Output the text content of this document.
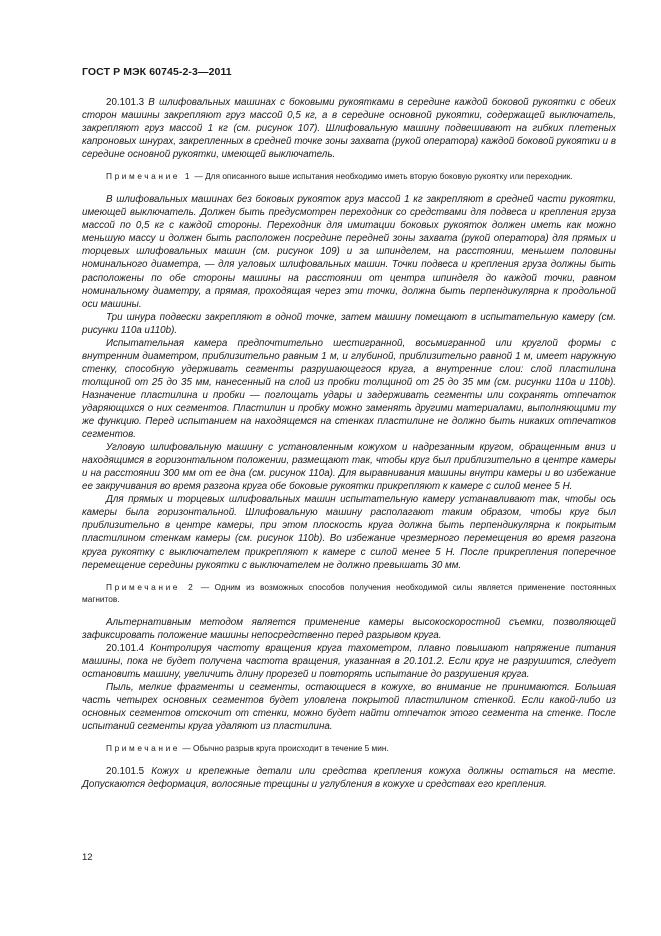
ГОСТ Р МЭК 60745-2-3—2011

20.101.3 В шлифовальных машинах с боковыми рукоятками в середине каждой боковой рукоятки с обеих сторон машины закрепляют груз массой 0,5 кг, а в середине основной рукоятки, содержащей выключатель, закрепляют груз массой 1 кг (см. рисунок 107). Шлифовальную машину подвешивают на гибких плетеных капроновых шнурах, закрепленных в средней точке зоны захвата (рукой оператора) каждой боковой рукоятки и в середине основной рукоятки, имеющей выключатель.

Примечание 1 — Для описанного выше испытания необходимо иметь вторую боковую рукоятку или переходник.

В шлифовальных машинах без боковых рукояток груз массой 1 кг закрепляют в средней части рукоятки, имеющей выключатель. Должен быть предусмотрен переходник со средствами для подвеса и крепления груза массой по 0,5 кг с каждой стороны. Переходник для имитации боковых рукояток должен иметь как можно меньшую массу и должен быть расположен посредине передней зоны захвата (рукой оператора) для прямых и торцевых шлифовальных машин (см. рисунок 109) и за шпинделем, на расстоянии, меньшем половины номинального диаметра, — для угловых шлифовальных машин. Точки подвеса и крепления груза должны быть расположены по обе стороны машины на расстоянии от центра шпинделя до каждой точки, равном номинальному диаметру, а прямая, проходящая через эти точки, должна быть перпендикулярна к продольной оси машины.

Три шнура подвески закрепляют в одной точке, затем машину помещают в испытательную камеру (см. рисунки 110а и110b).

Испытательная камера предпочтительно шестигранной, восьмигранной или круглой формы с внутренним диаметром, приблизительно равным 1 м, и глубиной, приблизительно равной 1 м, имеет наружную стенку, способную удерживать сегменты разрушающегося круга, а внутренние слои: слой пластилина толщиной от 25 до 35 мм, нанесенный на слой из пробки толщиной от 25 до 35 мм (см. рисунки 110а и 110b). Назначение пластилина и пробки — поглощать удары и задерживать сегменты или сохранять отпечаток ударяющихся о них сегментов. Пластилин и пробку можно заменять другими материалами, выполняющими ту же функцию. Перед испытанием на находящемся на стенках пластилине не должно быть никаких отпечатков сегментов.

Угловую шлифовальную машину с установленным кожухом и надрезанным кругом, обращенным вниз и находящимся в горизонтальном положении, размещают так, чтобы круг был приблизительно в центре камеры и на расстоянии 300 мм от ее дна (см. рисунок 110а). Для выравнивания машины внутри камеры и во избежание ее закручивания во время разгона круга обе боковые рукоятки прикрепляют к камере с силой менее 5 Н.

Для прямых и торцевых шлифовальных машин испытательную камеру устанавливают так, чтобы ось камеры была горизонтальной. Шлифовальную машину располагают таким образом, чтобы круг был приблизительно в центре камеры, при этом плоскость круга должна быть перпендикулярна к покрытым пластилином стенкам камеры (см. рисунок 110b). Во избежание чрезмерного перемещения во время разгона круга рукоятку с выключателем прикрепляют к камере с силой менее 5 Н. После прикрепления поперечное перемещение середины рукоятки с выключателем не должно превышать 30 мм.

Примечание 2 — Одним из возможных способов получения необходимой силы является применение постоянных магнитов.

Альтернативным методом является применение камеры высокоскоростной съемки, позволяющей зафиксировать положение машины непосредственно перед разрывом круга.

20.101.4 Контролируя частоту вращения круга тахометром, плавно повышают напряжение питания машины, пока не будет получена частота вращения, указанная в 20.101.2. Если круг не разрушится, следует остановить машину, увеличить длину прорезей и повторять испытание до разрушения круга.

Пыль, мелкие фрагменты и сегменты, остающиеся в кожухе, во внимание не принимаются. Большая часть четырех основных сегментов будет уловлена покрытой пластилином стенкой. Если какой-либо из основных сегментов отскочит от стенки, можно будет найти отпечаток этого сегмента на стенке. После испытаний сегменты круга удаляют из пластилина.

Примечание — Обычно разрыв круга происходит в течение 5 мин.

20.101.5 Кожух и крепежные детали или средства крепления кожуха должны остаться на месте. Допускаются деформация, волосяные трещины и углубления в кожухе и средствах его крепления.

12
